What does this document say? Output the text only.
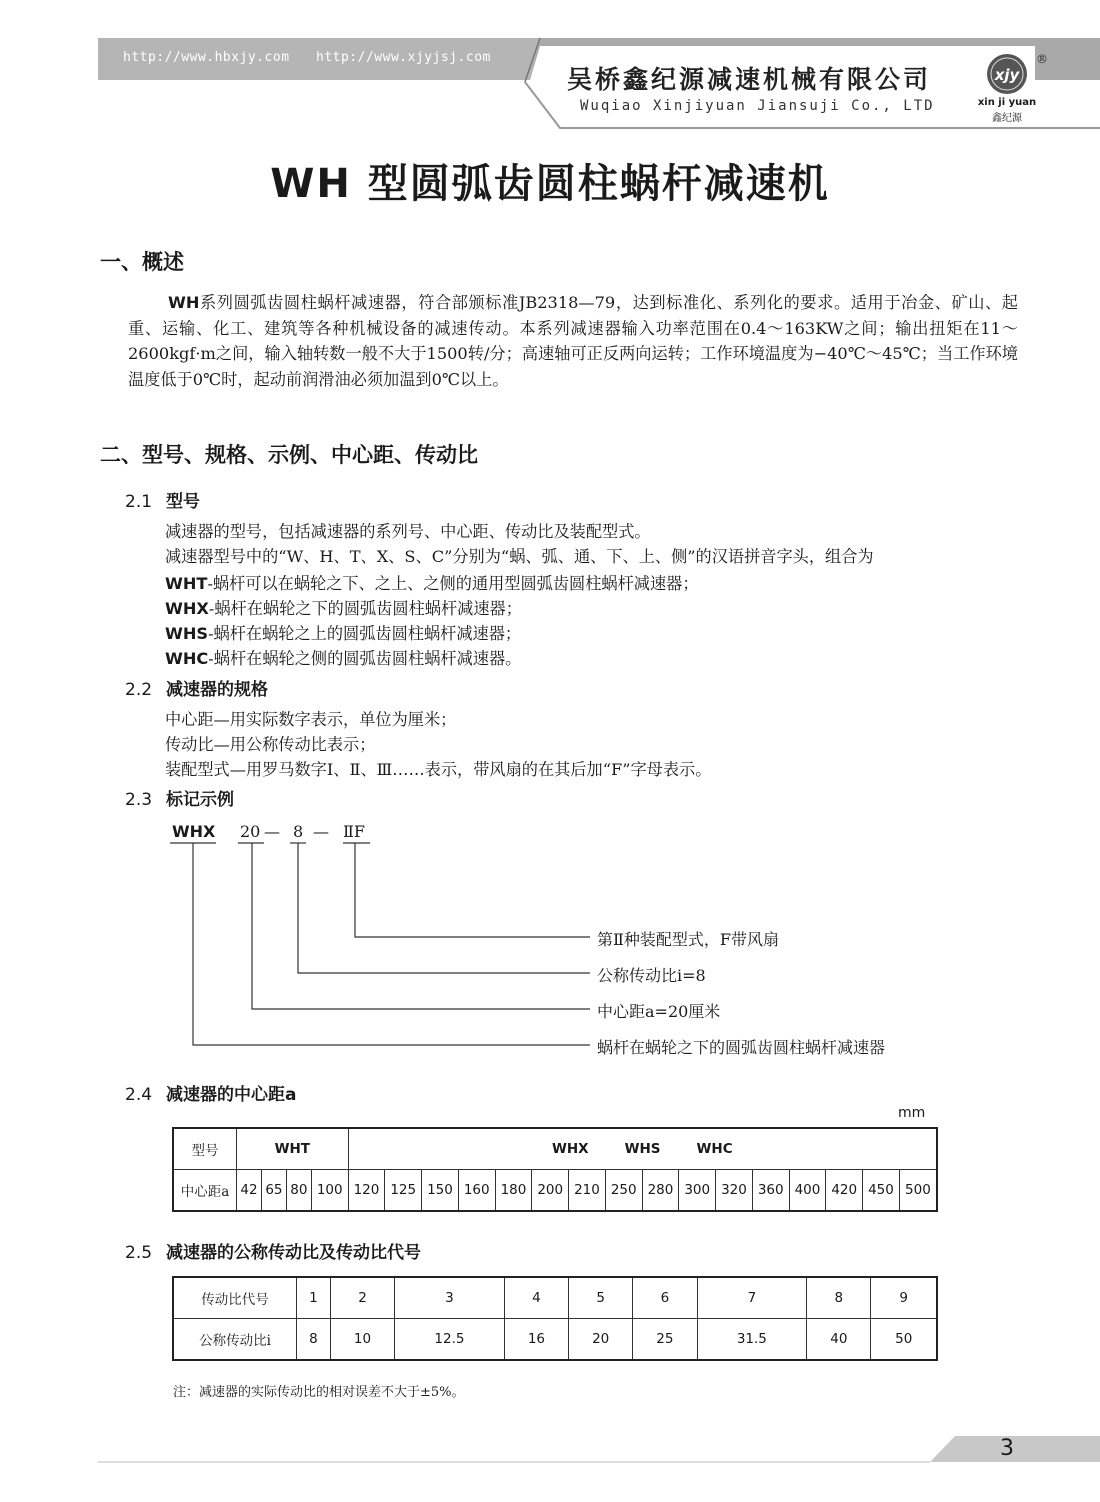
http://www.hbxjy.com http://www.xjyjsj.com
吴桥鑫纪源减速机械有限公司
Wuqiao Xinjiyuan Jiansuji Co., LTD
xjy
®
xin ji yuan
鑫纪源
WH 型圆弧齿圆柱蜗杆减速机
一、概述

WH系列圆弧齿圆柱蜗杆减速器，符合部颁标准JB2318—79，达到标准化、系列化的要求。适用于冶金、矿山、起重、运输、化工、建筑等各种机械设备的减速传动。本系列减速器输入功率范围在0.4～163KW之间；输出扭矩在11～2600kgf·m之间，输入轴转数一般不大于1500转/分；高速轴可正反两向运转；工作环境温度为−40℃～45℃；当工作环境温度低于0℃时，起动前润滑油必须加温到0℃以上。

二、型号、规格、示例、中心距、传动比
2.1 型号

减速器的型号，包括减速器的系列号、中心距、传动比及装配型式。

减速器型号中的“W、H、T、X、S、C”分别为“蜗、弧、通、下、上、侧”的汉语拼音字头，组合为

WHT-蜗杆可以在蜗轮之下、之上、之侧的通用型圆弧齿圆柱蜗杆减速器；

WHX-蜗杆在蜗轮之下的圆弧齿圆柱蜗杆减速器；

WHS-蜗杆在蜗轮之上的圆弧齿圆柱蜗杆减速器；

WHC-蜗杆在蜗轮之侧的圆弧齿圆柱蜗杆减速器。

2.2 减速器的规格

中心距—用实际数字表示，单位为厘米；

传动比—用公称传动比表示；

装配型式—用罗马数字Ⅰ、Ⅱ、Ⅲ……表示，带风扇的在其后加“F”字母表示。

2.3 标记示例
WHX 20 — 8 — ⅡF
第Ⅱ种装配型式，F带风扇
公称传动比i=8
中心距a=20厘米
蜗杆在蜗轮之下的圆弧齿圆柱蜗杆减速器
2.4 减速器的中心距a
mm
型号	WHT				WHX WHS WHC															
中心距a	42	65	80	100	120	125	150	160	180	200	210	250	280	300	320	360	400	420	450	500
2.5 减速器的公称传动比及传动比代号
传动比代号	1	2	3	4	5	6	7	8	9
公称传动比i	8	10	12.5	16	20	25	31.5	40	50

注：减速器的实际传动比的相对误差不大于±5%。

3
